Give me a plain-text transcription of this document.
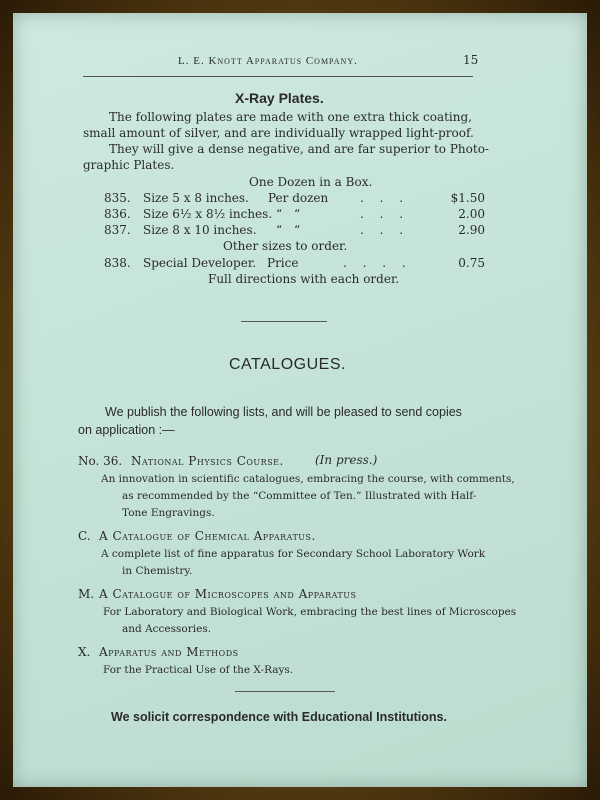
L. E. Knott Apparatus Company.	15
X-Ray Plates.
The following plates are made with one extra thick coating,
small amount of silver, and are individually wrapped light-proof.
They will give a dense negative, and are far superior to Photo-
graphic Plates.
One Dozen in a Box.
835. Size 5 x 8 inches. Per dozen	. . .	$1.50
836. Size 6½ x 8½ inches. “ “	. . .	2.00
837. Size 8 x 10 inches. “ “	. . .	2.90
Other sizes to order.
838. Special Developer. Price	. . . .	0.75
Full directions with each order.
CATALOGUES.
We publish the following lists, and will be pleased to send copies
on application :—
No. 36. National Physics Course.	(In press.)
An innovation in scientific catalogues, embracing the course, with comments,
as recommended by the “Committee of Ten.” Illustrated with Half-
Tone Engravings.
C. A Catalogue of Chemical Apparatus.
A complete list of fine apparatus for Secondary School Laboratory Work
in Chemistry.
M. A Catalogue of Microscopes and Apparatus
For Laboratory and Biological Work, embracing the best lines of Microscopes
and Accessories.
X. Apparatus and Methods
For the Practical Use of the X-Rays.
We solicit correspondence with Educational Institutions.
